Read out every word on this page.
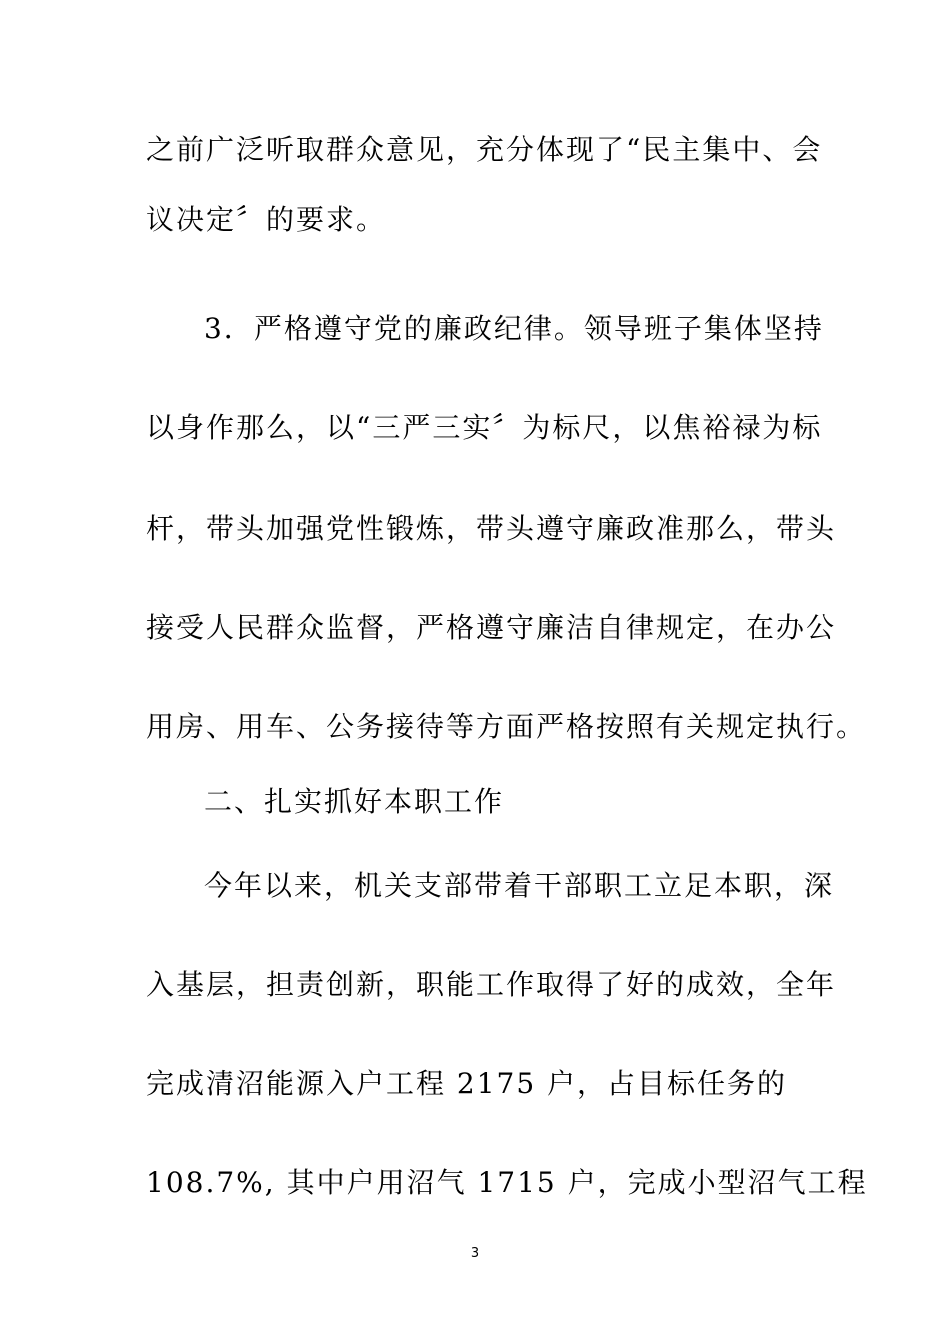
之前广泛听取群众意见，充分体现了“民主集中、会
议决定〞的要求。
3．严格遵守党的廉政纪律。领导班子集体坚持
以身作那么，以“三严三实〞为标尺，以焦裕禄为标
杆，带头加强党性锻炼，带头遵守廉政准那么，带头
接受人民群众监督，严格遵守廉洁自律规定，在办公
用房、用车、公务接待等方面严格按照有关规定执行。
二、扎实抓好本职工作
今年以来，机关支部带着干部职工立足本职，深
入基层，担责创新，职能工作取得了好的成效，全年
完成清沼能源入户工程 2175 户，占目标任务的
108.7%, 其中户用沼气 1715 户，完成小型沼气工程
3
